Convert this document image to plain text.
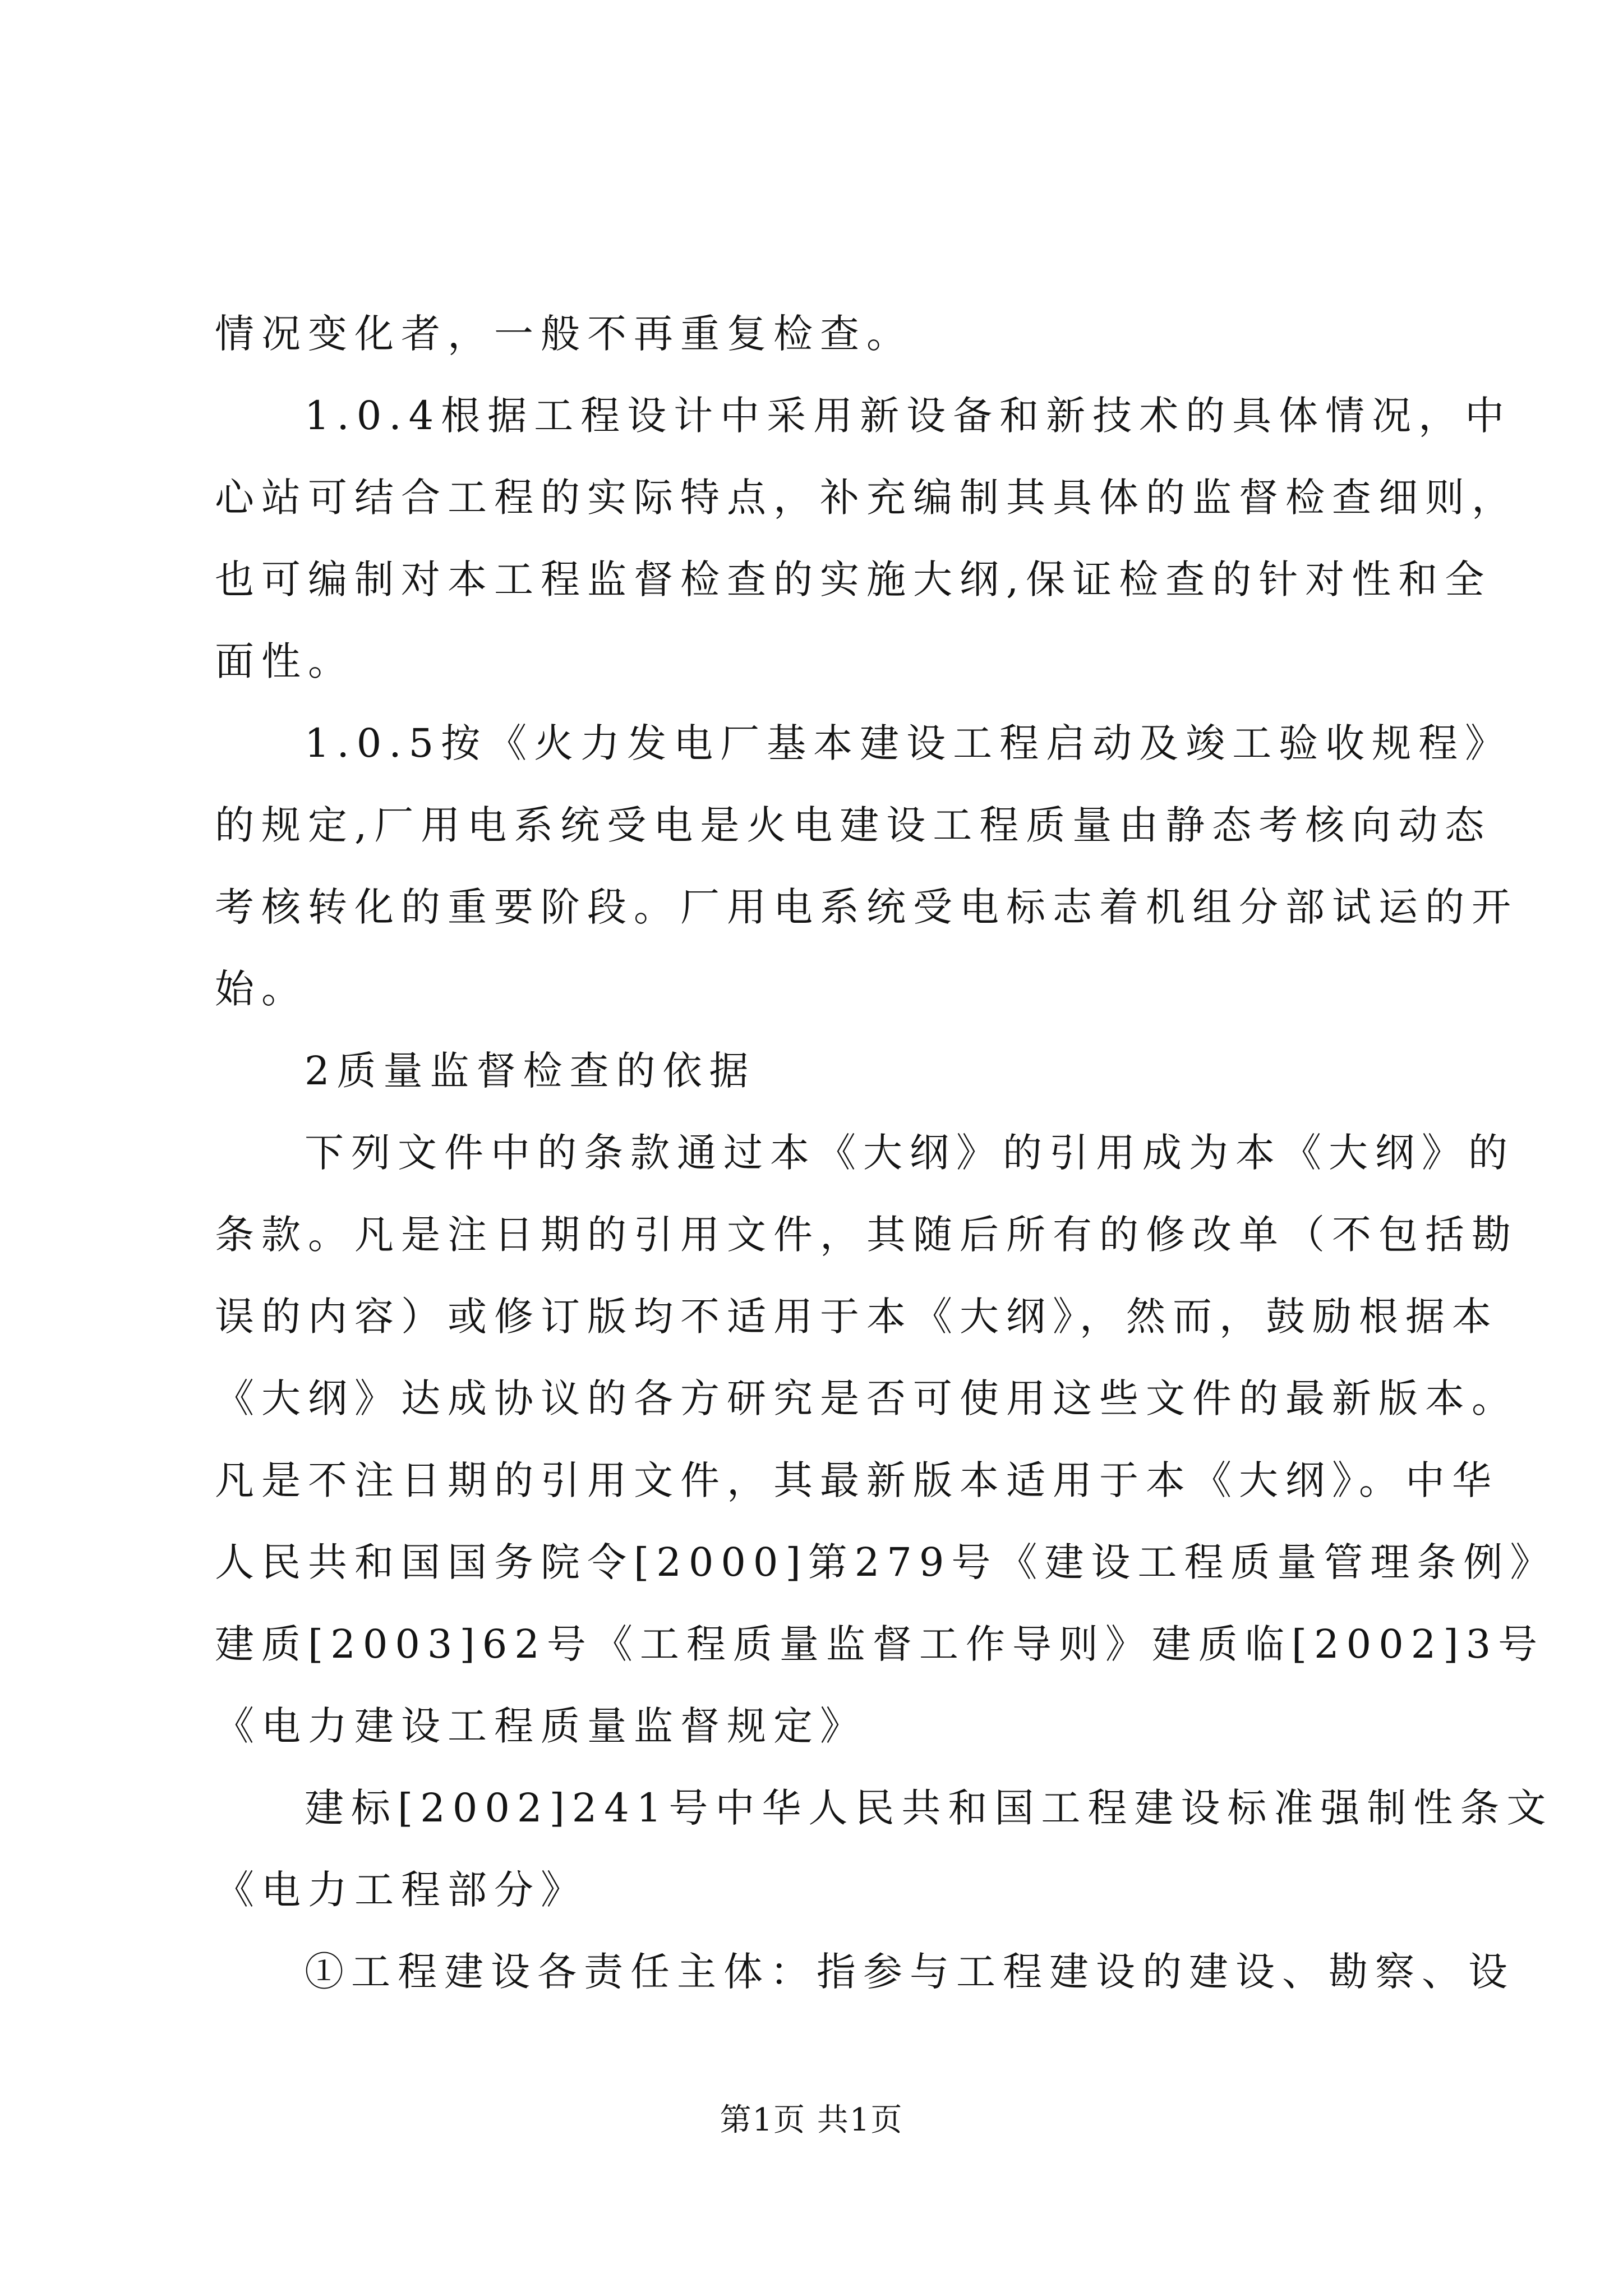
情况变化者，一般不再重复检查。
1.0.4根据工程设计中采用新设备和新技术的具体情况，中
心站可结合工程的实际特点，补充编制其具体的监督检查细则，
也可编制对本工程监督检查的实施大纲,保证检查的针对性和全
面性。
1.0.5按《火力发电厂基本建设工程启动及竣工验收规程》
的规定,厂用电系统受电是火电建设工程质量由静态考核向动态
考核转化的重要阶段。厂用电系统受电标志着机组分部试运的开
始。
2质量监督检查的依据
下列文件中的条款通过本《大纲》的引用成为本《大纲》的
条款。凡是注日期的引用文件，其随后所有的修改单（不包括勘
误的内容）或修订版均不适用于本《大纲》，然而，鼓励根据本
《大纲》达成协议的各方研究是否可使用这些文件的最新版本。
凡是不注日期的引用文件，其最新版本适用于本《大纲》。中华
人民共和国国务院令[2000]第279号《建设工程质量管理条例》
建质[2003]62号《工程质量监督工作导则》建质临[2002]3号
《电力建设工程质量监督规定》
建标[2002]241号中华人民共和国工程建设标准强制性条文
《电力工程部分》
①工程建设各责任主体：指参与工程建设的建设、勘察、设
第1页 共1页
